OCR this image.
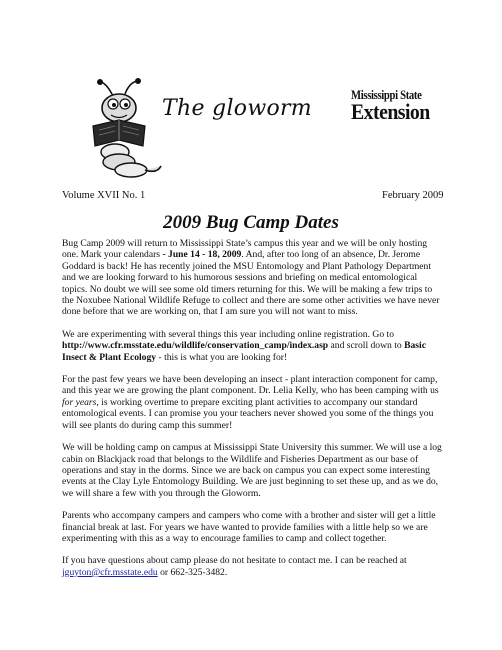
The gloworm
Mississippi State
Extension
Volume XVII No. 1	February 2009
2009 Bug Camp Dates

Bug Camp 2009 will return to Mississippi State’s campus this year and we will be only hosting one. Mark your calendars - June 14 - 18, 2009. And, after too long of an absence, Dr. Jerome Goddard is back! He has recently joined the MSU Entomology and Plant Pathology Department and we are looking forward to his humorous sessions and briefing on medical entomological topics. No doubt we will see some old timers returning for this. We will be making a few trips to the Noxubee National Wildlife Refuge to collect and there are some other activities we have never done before that we are working on, that I am sure you will not want to miss.

We are experimenting with several things this year including online registration. Go to http://www.cfr.msstate.edu/wildlife/conservation_camp/index.asp and scroll down to Basic Insect & Plant Ecology - this is what you are looking for!

For the past few years we have been developing an insect - plant interaction component for camp, and this year we are growing the plant component. Dr. Lelia Kelly, who has been camping with us for years, is working overtime to prepare exciting plant activities to accompany our standard entomological events. I can promise you your teachers never showed you some of the things you will see plants do during camp this summer!

We will be holding camp on campus at Mississippi State University this summer. We will use a log cabin on Blackjack road that belongs to the Wildlife and Fisheries Department as our base of operations and stay in the dorms. Since we are back on campus you can expect some interesting events at the Clay Lyle Entomology Building. We are just beginning to set these up, and as we do, we will share a few with you through the Gloworm.

Parents who accompany campers and campers who come with a brother and sister will get a little financial break at last. For years we have wanted to provide families with a little help so we are experimenting with this as a way to encourage families to camp and collect together.

If you have questions about camp please do not hesitate to contact me. I can be reached at jguyton@cfr.msstate.edu or 662-325-3482.
